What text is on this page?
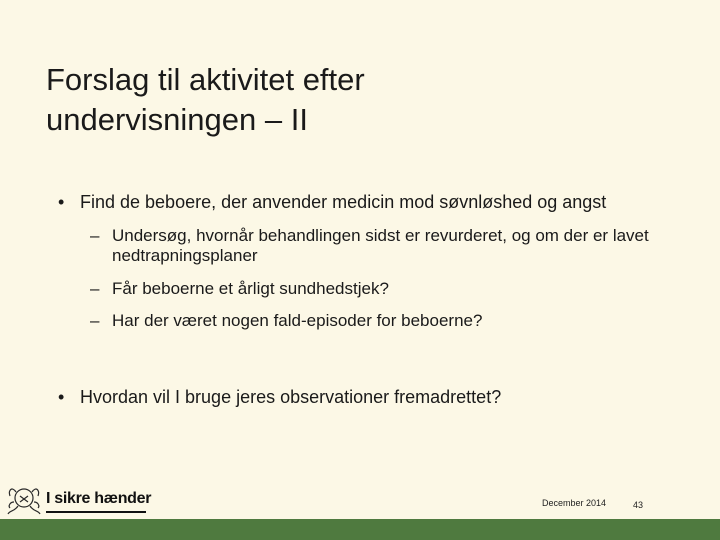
Forslag til aktivitet efter
undervisningen – II
• Find de beboere, der anvender medicin mod søvnløshed og angst
– Undersøg, hvornår behandlingen sidst er revurderet, og om der er lavet nedtrapningsplaner
– Får beboerne et årligt sundhedstjek?
– Har der været nogen fald-episoder for beboerne?
• Hvordan vil I bruge jeres observationer fremadrettet?
I sikre hænder	December 2014	43
